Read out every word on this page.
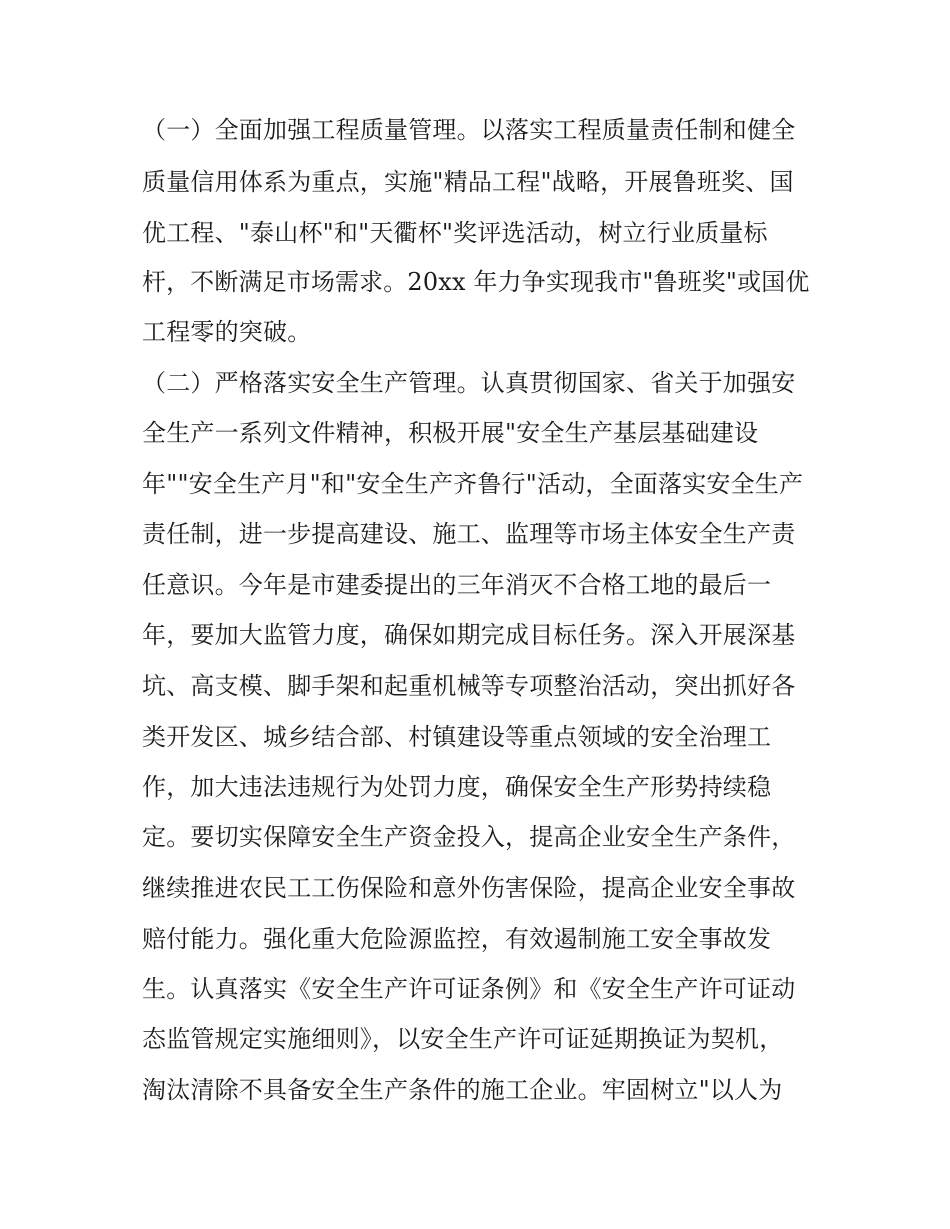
（一）全面加强工程质量管理。以落实工程质量责任制和健全
质量信用体系为重点，实施"精品工程"战略，开展鲁班奖、国
优工程、"泰山杯"和"天衢杯"奖评选活动，树立行业质量标
杆，不断满足市场需求。20xx 年力争实现我市"鲁班奖"或国优
工程零的突破。
（二）严格落实安全生产管理。认真贯彻国家、省关于加强安
全生产一系列文件精神，积极开展"安全生产基层基础建设
年""安全生产月"和"安全生产齐鲁行"活动，全面落实安全生产
责任制，进一步提高建设、施工、监理等市场主体安全生产责
任意识。今年是市建委提出的三年消灭不合格工地的最后一
年，要加大监管力度，确保如期完成目标任务。深入开展深基
坑、高支模、脚手架和起重机械等专项整治活动，突出抓好各
类开发区、城乡结合部、村镇建设等重点领域的安全治理工
作，加大违法违规行为处罚力度，确保安全生产形势持续稳
定。要切实保障安全生产资金投入，提高企业安全生产条件，
继续推进农民工工伤保险和意外伤害保险，提高企业安全事故
赔付能力。强化重大危险源监控，有效遏制施工安全事故发
生。认真落实《安全生产许可证条例》和《安全生产许可证动
态监管规定实施细则》，以安全生产许可证延期换证为契机，
淘汰清除不具备安全生产条件的施工企业。牢固树立"以人为
